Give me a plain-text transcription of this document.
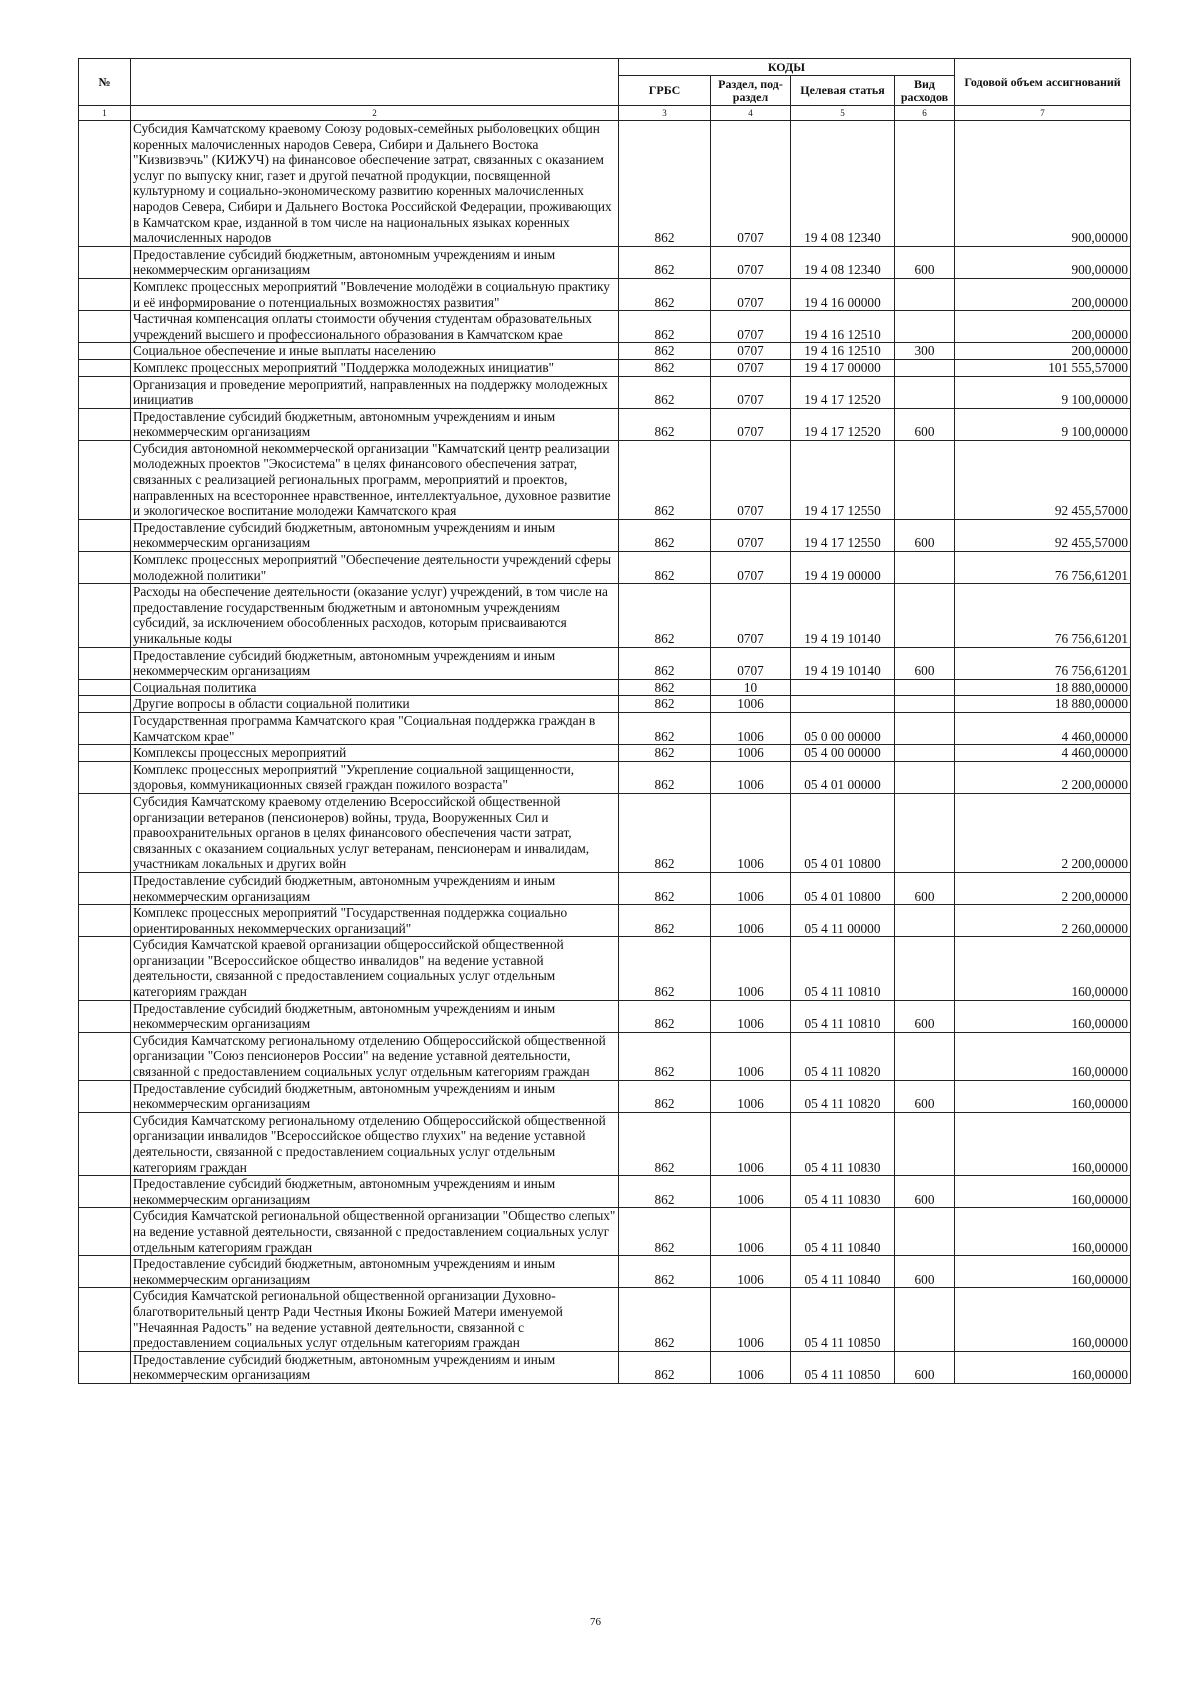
№		КОДЫ				Годовой объем ассигнований
		ГРБС	Раздел, под-раздел	Целевая статья	Вид расходов	
1	2	3	4	5	6	7
	Субсидия Камчатскому краевому Союзу родовых-семейных рыболовецких общин коренных малочисленных народов Севера, Сибири и Дальнего Востока "Кизвизвэчь" (КИЖУЧ) на финансовое обеспечение затрат, связанных с оказанием услуг по выпуску книг, газет и другой печатной продукции, посвященной культурному и социально-экономическому развитию коренных малочисленных народов Севера, Сибири и Дальнего Востока Российской Федерации, проживающих в Камчатском крае, изданной в том числе на национальных языках коренных малочисленных народов	862	0707	19 4 08 12340		900,00000
	Предоставление субсидий бюджетным, автономным учреждениям и иным некоммерческим организациям	862	0707	19 4 08 12340	600	900,00000
	Комплекс процессных мероприятий "Вовлечение молодёжи в социальную практику и её информирование о потенциальных возможностях развития"	862	0707	19 4 16 00000		200,00000
	Частичная компенсация оплаты стоимости обучения студентам образовательных учреждений высшего и профессионального образования в Камчатском крае	862	0707	19 4 16 12510		200,00000
	Социальное обеспечение и иные выплаты населению	862	0707	19 4 16 12510	300	200,00000
	Комплекс процессных мероприятий "Поддержка молодежных инициатив"	862	0707	19 4 17 00000		101 555,57000
	Организация и проведение мероприятий, направленных на поддержку молодежных инициатив	862	0707	19 4 17 12520		9 100,00000
	Предоставление субсидий бюджетным, автономным учреждениям и иным некоммерческим организациям	862	0707	19 4 17 12520	600	9 100,00000
	Субсидия автономной некоммерческой организации "Камчатский центр реализации молодежных проектов "Экосистема" в целях финансового обеспечения затрат, связанных с реализацией региональных программ, мероприятий и проектов, направленных на всестороннее нравственное, интеллектуальное, духовное развитие и экологическое воспитание молодежи Камчатского края	862	0707	19 4 17 12550		92 455,57000
	Предоставление субсидий бюджетным, автономным учреждениям и иным некоммерческим организациям	862	0707	19 4 17 12550	600	92 455,57000
	Комплекс процессных мероприятий "Обеспечение деятельности учреждений сферы молодежной политики"	862	0707	19 4 19 00000		76 756,61201
	Расходы на обеспечение деятельности (оказание услуг) учреждений, в том числе на предоставление государственным бюджетным и автономным учреждениям субсидий, за исключением обособленных расходов, которым присваиваются уникальные коды	862	0707	19 4 19 10140		76 756,61201
	Предоставление субсидий бюджетным, автономным учреждениям и иным некоммерческим организациям	862	0707	19 4 19 10140	600	76 756,61201
	Социальная политика	862	10			18 880,00000
	Другие вопросы в области социальной политики	862	1006			18 880,00000
	Государственная программа Камчатского края "Социальная поддержка граждан в Камчатском крае"	862	1006	05 0 00 00000		4 460,00000
	Комплексы процессных мероприятий	862	1006	05 4 00 00000		4 460,00000
	Комплекс процессных мероприятий "Укрепление социальной защищенности, здоровья, коммуникационных связей граждан пожилого возраста"	862	1006	05 4 01 00000		2 200,00000
	Субсидия Камчатскому краевому отделению Всероссийской общественной организации ветеранов (пенсионеров) войны, труда, Вооруженных Сил и правоохранительных органов в целях финансового обеспечения части затрат, связанных с оказанием социальных услуг ветеранам, пенсионерам и инвалидам, участникам локальных и других войн	862	1006	05 4 01 10800		2 200,00000
	Предоставление субсидий бюджетным, автономным учреждениям и иным некоммерческим организациям	862	1006	05 4 01 10800	600	2 200,00000
	Комплекс процессных мероприятий "Государственная поддержка социально ориентированных некоммерческих организаций"	862	1006	05 4 11 00000		2 260,00000
	Субсидия Камчатской краевой организации общероссийской общественной организации "Всероссийское общество инвалидов" на ведение уставной деятельности, связанной с предоставлением социальных услуг отдельным категориям граждан	862	1006	05 4 11 10810		160,00000
	Предоставление субсидий бюджетным, автономным учреждениям и иным некоммерческим организациям	862	1006	05 4 11 10810	600	160,00000
	Субсидия Камчатскому региональному отделению Общероссийской общественной организации "Союз пенсионеров России" на ведение уставной деятельности, связанной с предоставлением социальных услуг отдельным категориям граждан	862	1006	05 4 11 10820		160,00000
	Предоставление субсидий бюджетным, автономным учреждениям и иным некоммерческим организациям	862	1006	05 4 11 10820	600	160,00000
	Субсидия Камчатскому региональному отделению Общероссийской общественной организации инвалидов "Всероссийское общество глухих" на ведение уставной деятельности, связанной с предоставлением социальных услуг отдельным категориям граждан	862	1006	05 4 11 10830		160,00000
	Предоставление субсидий бюджетным, автономным учреждениям и иным некоммерческим организациям	862	1006	05 4 11 10830	600	160,00000
	Субсидия Камчатской региональной общественной организации "Общество слепых" на ведение уставной деятельности, связанной с предоставлением социальных услуг отдельным категориям граждан	862	1006	05 4 11 10840		160,00000
	Предоставление субсидий бюджетным, автономным учреждениям и иным некоммерческим организациям	862	1006	05 4 11 10840	600	160,00000
	Субсидия Камчатской региональной общественной организации Духовно-благотворительный центр Ради Честныя Иконы Божией Матери именуемой "Нечаянная Радость" на ведение уставной деятельности, связанной с предоставлением социальных услуг отдельным категориям граждан	862	1006	05 4 11 10850		160,00000
	Предоставление субсидий бюджетным, автономным учреждениям и иным некоммерческим организациям	862	1006	05 4 11 10850	600	160,00000
76
